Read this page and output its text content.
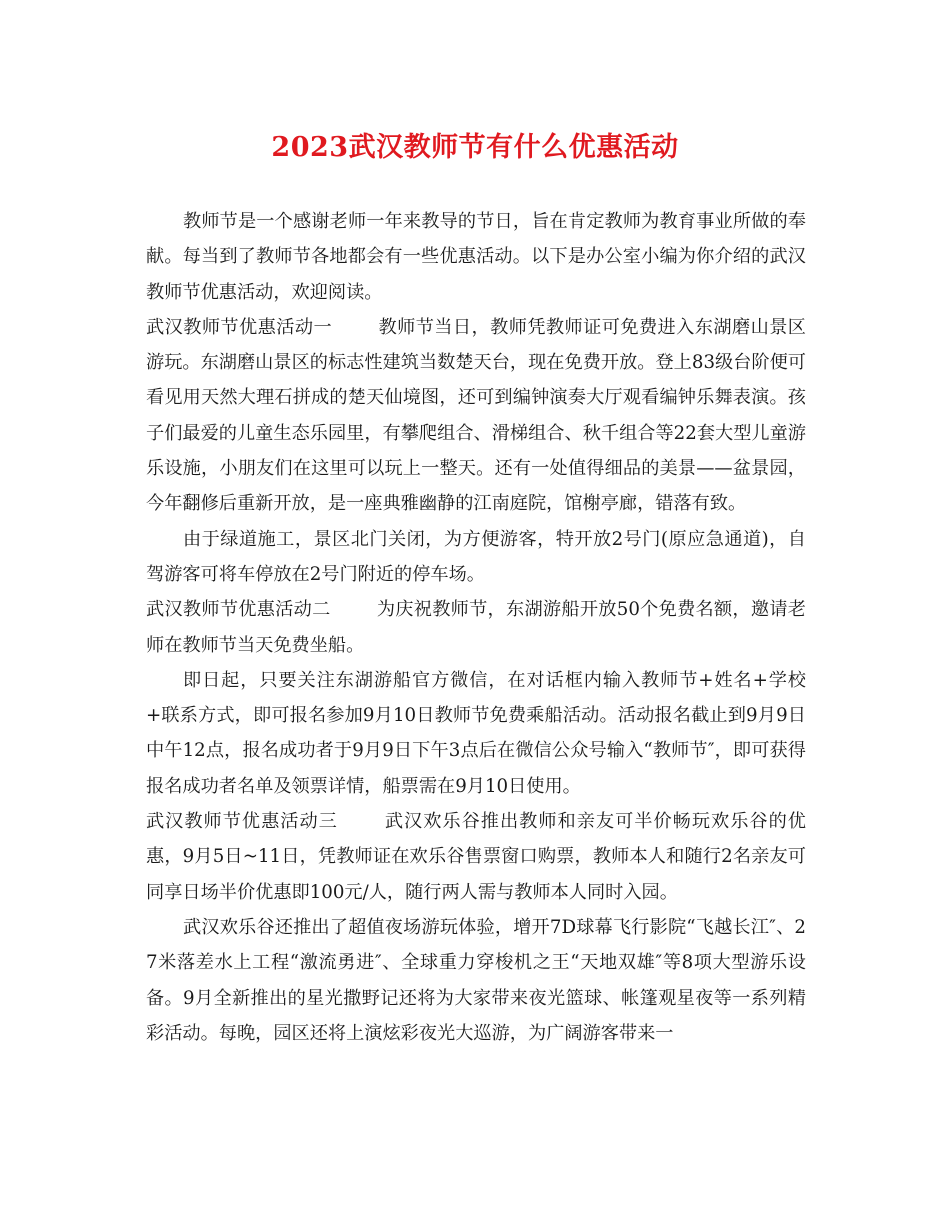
2023武汉教师节有什么优惠活动

教师节是一个感谢老师一年来教导的节日，旨在肯定教师为教育事业所做的奉献。每当到了教师节各地都会有一些优惠活动。以下是办公室小编为你介绍的武汉教师节优惠活动，欢迎阅读。

武汉教师节优惠活动一	教师节当日，教师凭教师证可免费进入东湖磨山景区游玩。东湖磨山景区的标志性建筑当数楚天台，现在免费开放。登上83级台阶便可看见用天然大理石拼成的楚天仙境图，还可到编钟演奏大厅观看编钟乐舞表演。孩子们最爱的儿童生态乐园里，有攀爬组合、滑梯组合、秋千组合等22套大型儿童游乐设施，小朋友们在这里可以玩上一整天。还有一处值得细品的美景——盆景园，今年翻修后重新开放，是一座典雅幽静的江南庭院，馆榭亭廊，错落有致。

由于绿道施工，景区北门关闭，为方便游客，特开放2号门(原应急通道)，自驾游客可将车停放在2号门附近的停车场。

武汉教师节优惠活动二	为庆祝教师节，东湖游船开放50个免费名额，邀请老师在教师节当天免费坐船。

即日起，只要关注东湖游船官方微信，在对话框内输入教师节+姓名+学校+联系方式，即可报名参加9月10日教师节免费乘船活动。活动报名截止到9月9日中午12点，报名成功者于9月9日下午3点后在微信公众号输入“教师节″，即可获得报名成功者名单及领票详情，船票需在9月10日使用。

武汉教师节优惠活动三	武汉欢乐谷推出教师和亲友可半价畅玩欢乐谷的优惠，9月5日~11日，凭教师证在欢乐谷售票窗口购票，教师本人和随行2名亲友可同享日场半价优惠即100元/人，随行两人需与教师本人同时入园。

武汉欢乐谷还推出了超值夜场游玩体验，增开7D球幕飞行影院“飞越长江″、27米落差水上工程“激流勇进″、全球重力穿梭机之王“天地双雄″等8项大型游乐设备。9月全新推出的星光撒野记还将为大家带来夜光篮球、帐篷观星夜等一系列精彩活动。每晚，园区还将上演炫彩夜光大巡游，为广阔游客带来一
